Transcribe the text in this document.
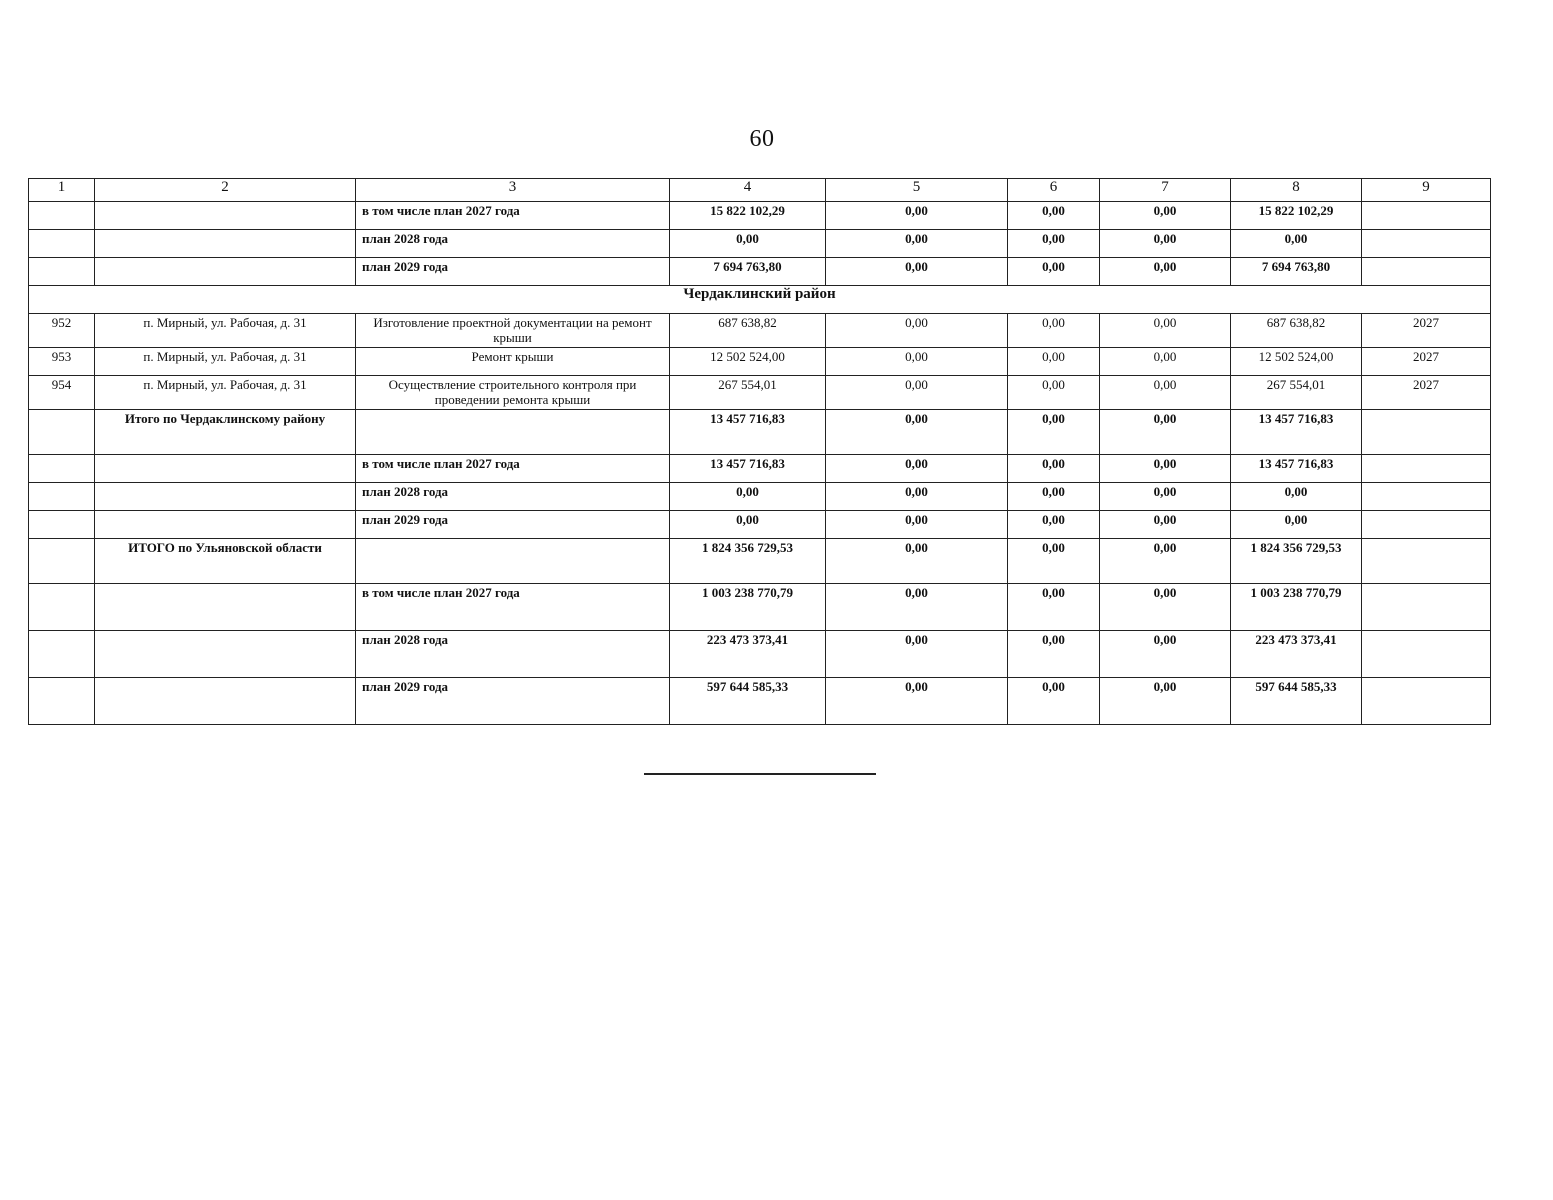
60
1	2	3	4	5	6	7	8	9
		в том числе план 2027 года	15 822 102,29	0,00	0,00	0,00	15 822 102,29	
		план 2028 года	0,00	0,00	0,00	0,00	0,00	
		план 2029 года	7 694 763,80	0,00	0,00	0,00	7 694 763,80	
Чердаклинский район								
952	п. Мирный, ул. Рабочая, д. 31	Изготовление проектной документации на ремонт крыши	687 638,82	0,00	0,00	0,00	687 638,82	2027
953	п. Мирный, ул. Рабочая, д. 31	Ремонт крыши	12 502 524,00	0,00	0,00	0,00	12 502 524,00	2027
954	п. Мирный, ул. Рабочая, д. 31	Осуществление строительного контроля при проведении ремонта крыши	267 554,01	0,00	0,00	0,00	267 554,01	2027
	Итого по Чердаклинскому району		13 457 716,83	0,00	0,00	0,00	13 457 716,83	
		в том числе план 2027 года	13 457 716,83	0,00	0,00	0,00	13 457 716,83	
		план 2028 года	0,00	0,00	0,00	0,00	0,00	
		план 2029 года	0,00	0,00	0,00	0,00	0,00	
	ИТОГО по Ульяновской области		1 824 356 729,53	0,00	0,00	0,00	1 824 356 729,53	
		в том числе план 2027 года	1 003 238 770,79	0,00	0,00	0,00	1 003 238 770,79	
		план 2028 года	223 473 373,41	0,00	0,00	0,00	223 473 373,41	
		план 2029 года	597 644 585,33	0,00	0,00	0,00	597 644 585,33	
